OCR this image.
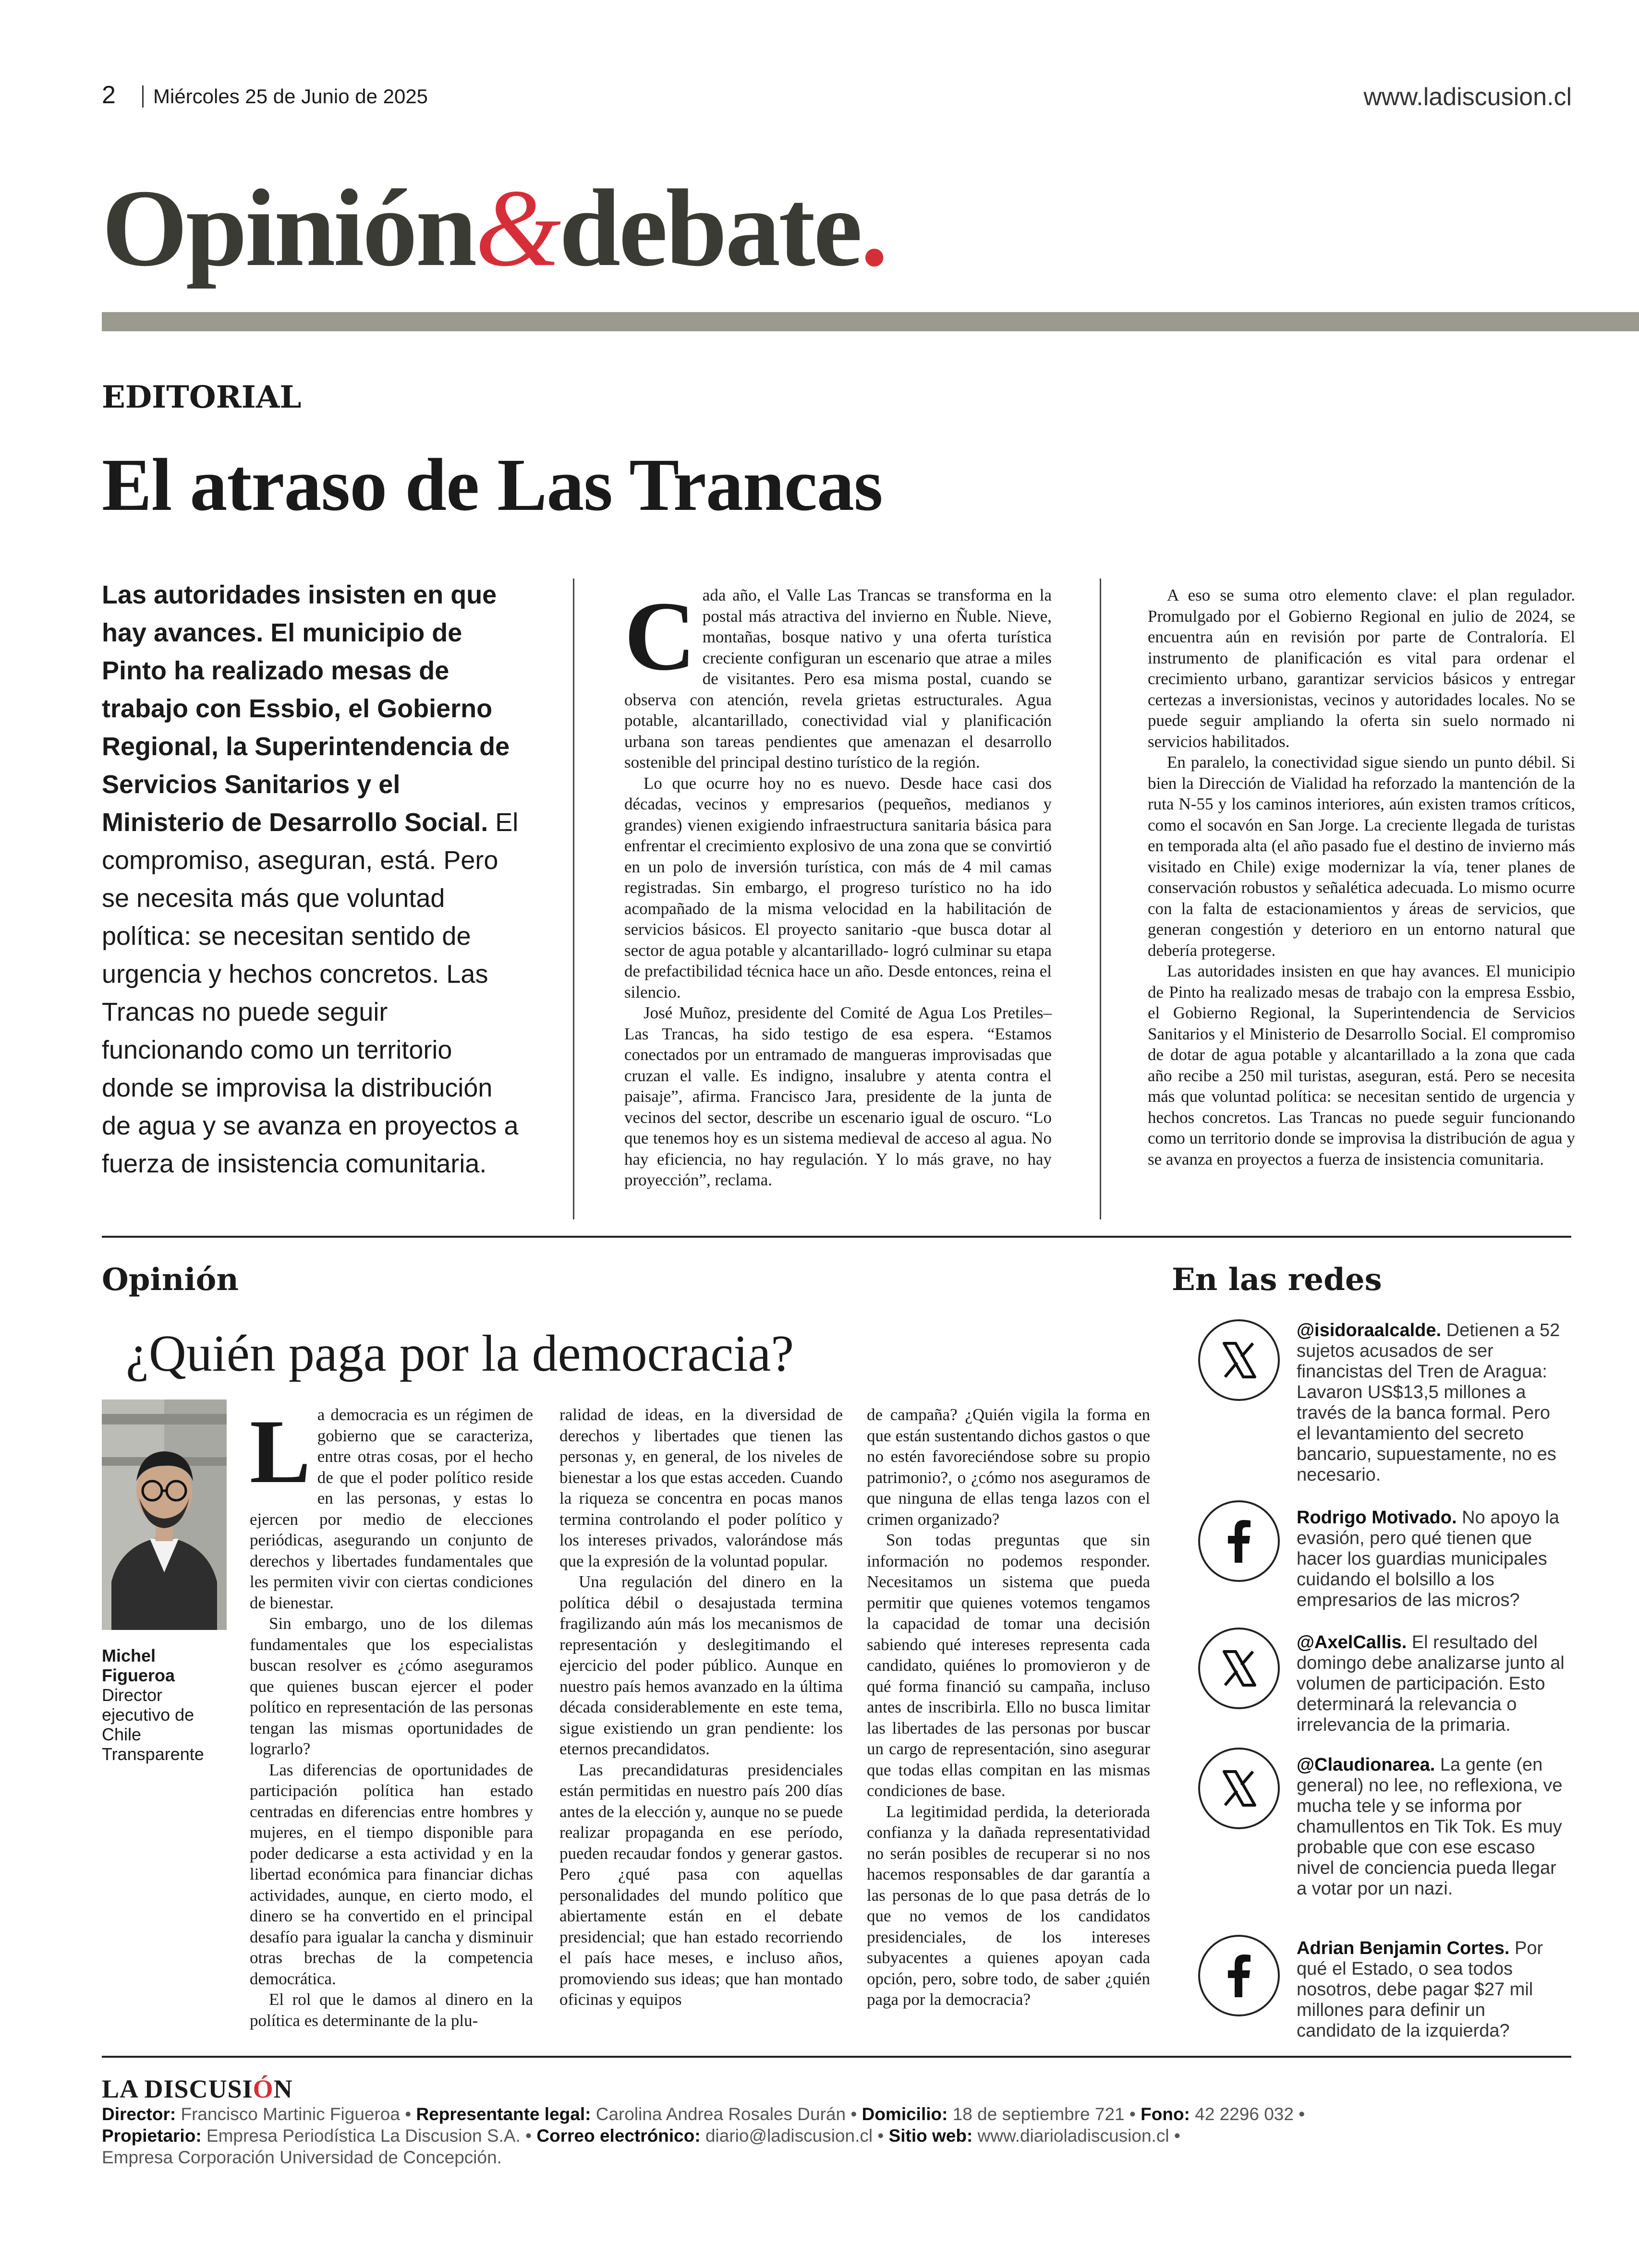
2	Miércoles 25 de Junio de 2025	www.ladiscusion.cl
Opinión&debate.
EDITORIAL
El atraso de Las Trancas
Las autoridades insisten en que hay avances. El municipio de Pinto ha realizado mesas de trabajo con Essbio, el Gobierno Regional, la Superintendencia de Servicios Sanitarios y el Ministerio de Desarrollo Social. El compromiso, aseguran, está. Pero se necesita más que voluntad política: se necesitan sentido de urgencia y hechos concretos. Las Trancas no puede seguir funcionando como un territorio donde se improvisa la distribución de agua y se avanza en proyectos a fuerza de insistencia comunitaria.

Cada año, el Valle Las Trancas se transforma en la postal más atractiva del invierno en Ñuble. Nieve, montañas, bosque nativo y una oferta turística creciente configuran un escenario que atrae a miles de visitantes. Pero esa misma postal, cuando se observa con atención, revela grietas estructurales. Agua potable, alcantarillado, conectividad vial y planificación urbana son tareas pendientes que amenazan el desarrollo sostenible del principal destino turístico de la región.

Lo que ocurre hoy no es nuevo. Desde hace casi dos décadas, vecinos y empresarios (pequeños, medianos y grandes) vienen exigiendo infraestructura sanitaria básica para enfrentar el crecimiento explosivo de una zona que se convirtió en un polo de inversión turística, con más de 4 mil camas registradas. Sin embargo, el progreso turístico no ha ido acompañado de la misma velocidad en la habilitación de servicios básicos. El proyecto sanitario -que busca dotar al sector de agua potable y alcantarillado- logró culminar su etapa de prefactibilidad técnica hace un año. Desde entonces, reina el silencio.

José Muñoz, presidente del Comité de Agua Los Pretiles–Las Trancas, ha sido testigo de esa espera. “Estamos conectados por un entramado de mangueras improvisadas que cruzan el valle. Es indigno, insalubre y atenta contra el paisaje”, afirma. Francisco Jara, presidente de la junta de vecinos del sector, describe un escenario igual de oscuro. “Lo que tenemos hoy es un sistema medieval de acceso al agua. No hay eficiencia, no hay regulación. Y lo más grave, no hay proyección”, reclama.

A eso se suma otro elemento clave: el plan regulador. Promulgado por el Gobierno Regional en julio de 2024, se encuentra aún en revisión por parte de Contraloría. El instrumento de planificación es vital para ordenar el crecimiento urbano, garantizar servicios básicos y entregar certezas a inversionistas, vecinos y autoridades locales. No se puede seguir ampliando la oferta sin suelo normado ni servicios habilitados.

En paralelo, la conectividad sigue siendo un punto débil. Si bien la Dirección de Vialidad ha reforzado la mantención de la ruta N-55 y los caminos interiores, aún existen tramos críticos, como el socavón en San Jorge. La creciente llegada de turistas en temporada alta (el año pasado fue el destino de invierno más visitado en Chile) exige modernizar la vía, tener planes de conservación robustos y señalética adecuada. Lo mismo ocurre con la falta de estacionamientos y áreas de servicios, que generan congestión y deterioro en un entorno natural que debería protegerse.

Las autoridades insisten en que hay avances. El municipio de Pinto ha realizado mesas de trabajo con la empresa Essbio, el Gobierno Regional, la Superintendencia de Servicios Sanitarios y el Ministerio de Desarrollo Social. El compromiso de dotar de agua potable y alcantarillado a la zona que cada año recibe a 250 mil turistas, aseguran, está. Pero se necesita más que voluntad política: se necesitan sentido de urgencia y hechos concretos. Las Trancas no puede seguir funcionando como un territorio donde se improvisa la distribución de agua y se avanza en proyectos a fuerza de insistencia comunitaria.

Opinión
¿Quién paga por la democracia?
Michel Figueroa
Director ejecutivo de Chile Transparente

La democracia es un régimen de gobierno que se caracteriza, entre otras cosas, por el hecho de que el poder político reside en las personas, y estas lo ejercen por medio de elecciones periódicas, asegurando un conjunto de derechos y libertades fundamentales que les permiten vivir con ciertas condiciones de bienestar.

Sin embargo, uno de los dilemas fundamentales que los especialistas buscan resolver es ¿cómo aseguramos que quienes buscan ejercer el poder político en representación de las personas tengan las mismas oportunidades de lograrlo?

Las diferencias de oportunidades de participación política han estado centradas en diferencias entre hombres y mujeres, en el tiempo disponible para poder dedicarse a esta actividad y en la libertad económica para financiar dichas actividades, aunque, en cierto modo, el dinero se ha convertido en el principal desafío para igualar la cancha y disminuir otras brechas de la competencia democrática.

El rol que le damos al dinero en la política es determinante de la plu-

ralidad de ideas, en la diversidad de derechos y libertades que tienen las personas y, en general, de los niveles de bienestar a los que estas acceden. Cuando la riqueza se concentra en pocas manos termina controlando el poder político y los intereses privados, valorándose más que la expresión de la voluntad popular.

Una regulación del dinero en la política débil o desajustada termina fragilizando aún más los mecanismos de representación y deslegitimando el ejercicio del poder público. Aunque en nuestro país hemos avanzado en la última década considerablemente en este tema, sigue existiendo un gran pendiente: los eternos precandidatos.

Las precandidaturas presidenciales están permitidas en nuestro país 200 días antes de la elección y, aunque no se puede realizar propaganda en ese período, pueden recaudar fondos y generar gastos. Pero ¿qué pasa con aquellas personalidades del mundo político que abiertamente están en el debate presidencial; que han estado recorriendo el país hace meses, e incluso años, promoviendo sus ideas; que han montado oficinas y equipos

de campaña? ¿Quién vigila la forma en que están sustentando dichos gastos o que no estén favoreciéndose sobre su propio patrimonio?, o ¿cómo nos aseguramos de que ninguna de ellas tenga lazos con el crimen organizado?

Son todas preguntas que sin información no podemos responder. Necesitamos un sistema que pueda permitir que quienes votemos tengamos la capacidad de tomar una decisión sabiendo qué intereses representa cada candidato, quiénes lo promovieron y de qué forma financió su campaña, incluso antes de inscribirla. Ello no busca limitar las libertades de las personas por buscar un cargo de representación, sino asegurar que todas ellas compitan en las mismas condiciones de base.

La legitimidad perdida, la deteriorada confianza y la dañada representatividad no serán posibles de recuperar si no nos hacemos responsables de dar garantía a las personas de lo que pasa detrás de lo que no vemos de los candidatos presidenciales, de los intereses subyacentes a quienes apoyan cada opción, pero, sobre todo, de saber ¿quién paga por la democracia?

En las redes
@isidoraalcalde. Detienen a 52 sujetos acusados de ser financistas del Tren de Aragua: Lavaron US$13,5 millones a través de la banca formal. Pero el levantamiento del secreto bancario, supuestamente, no es necesario.
Rodrigo Motivado. No apoyo la evasión, pero qué tienen que hacer los guardias municipales cuidando el bolsillo a los empresarios de las micros?
@AxelCallis. El resultado del domingo debe analizarse junto al volumen de participación. Esto determinará la relevancia o irrelevancia de la primaria.
@Claudionarea. La gente (en general) no lee, no reflexiona, ve mucha tele y se informa por chamullentos en Tik Tok. Es muy probable que con ese escaso nivel de conciencia pueda llegar a votar por un nazi.
Adrian Benjamin Cortes. Por qué el Estado, o sea todos nosotros, debe pagar $27 mil millones para definir un candidato de la izquierda?
LA DISCUSIÓN
Director: Francisco Martinic Figueroa • Representante legal: Carolina Andrea Rosales Durán • Domicilio: 18 de septiembre 721 • Fono: 42 2296 032 •
Propietario: Empresa Periodística La Discusion S.A. • Correo electrónico: diario@ladiscusion.cl • Sitio web: www.diarioladiscusion.cl •
Empresa Corporación Universidad de Concepción.
